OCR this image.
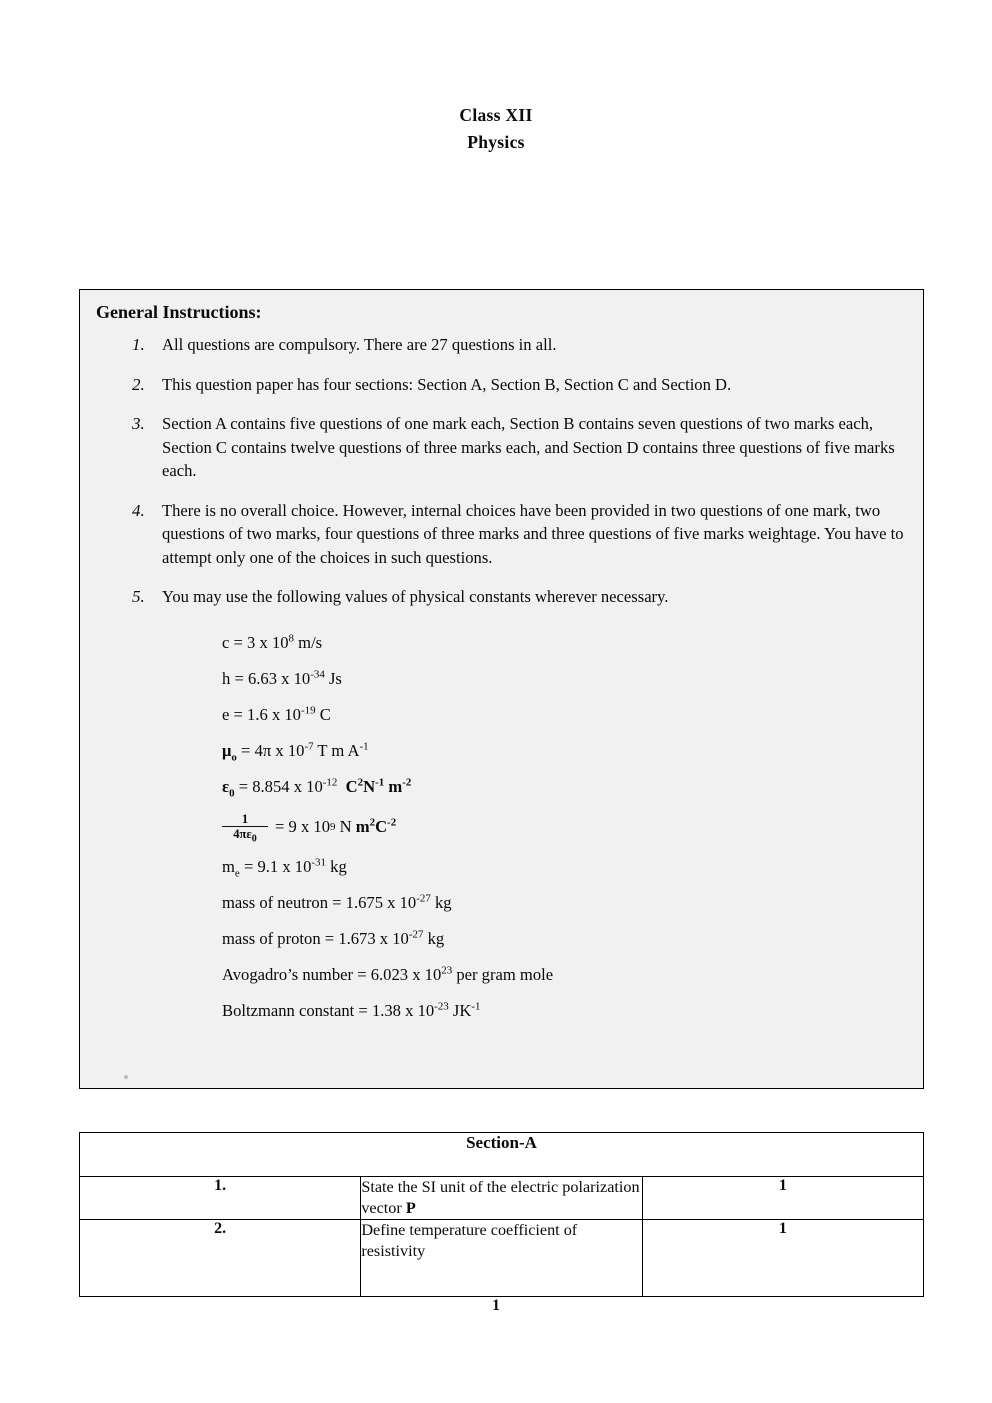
Class XII
Physics
General Instructions:
1. All questions are compulsory. There are 27 questions in all.
2. This question paper has four sections: Section A, Section B, Section C and Section D.
3. Section A contains five questions of one mark each, Section B contains seven questions of two marks each, Section C contains twelve questions of three marks each, and Section D contains three questions of five marks each.
4. There is no overall choice. However, internal choices have been provided in two questions of one mark, two questions of two marks, four questions of three marks and three questions of five marks weightage. You have to attempt only one of the choices in such questions.
5. You may use the following values of physical constants wherever necessary.
c = 3 x $10^8$ m/s
h = 6.63 x $10^{-34}$ Js
e = 1.6 x $10^{-19}$ C
$\mu_o = 4\pi$ x $10^{-7}$ T m $A^{-1}$
$\varepsilon_0 = 8.854$ x $10^{-12}$ $C^2N^{-1}$ $m^{-2}$
$\frac{1}{4\pi\varepsilon_0}$ =
9 x 10 9
N
$m^2C^{-2}$
$m_e = 9.1$ x $10^{-31}$ kg
mass of neutron = 1.675 x $10^{-27}$ kg
mass of proton = 1.673 x $10^{-27}$ kg
Avogadro’s number = 6.023 x $10^{23}$ per gram mole
Boltzmann constant = 1.38 x $10^{-23}$ $JK^{-1}$
Section-A		
1.	State the SI unit of the electric polarization vector P	1
2.	Define temperature coefficient of resistivity	1
1
